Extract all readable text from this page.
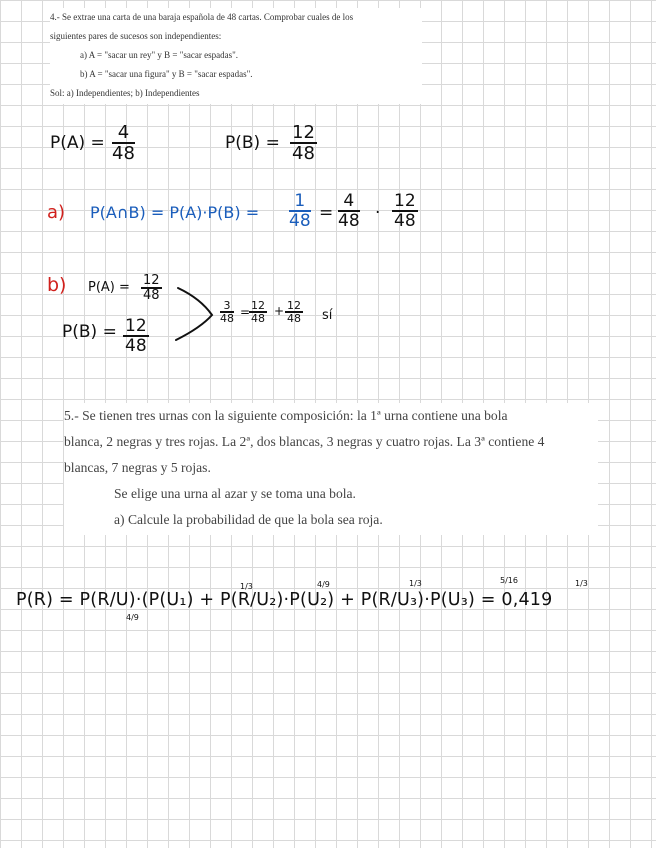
4.- Se extrae una carta de una baraja española de 48 cartas. Comprobar cuales de los
siguientes pares de sucesos son independientes:
a) A = "sacar un rey" y B = "sacar espadas".
b) A = "sacar una figura" y B = "sacar espadas".
Sol: a) Independientes; b) Independientes
$P(A) = \frac{4}{48}$	$P(B) = \frac{12}{48}$
a) P(A∩B) = $P(A)\cdot P(B) = \frac{1}{48} = \frac{4}{48} \cdot \frac{12}{48}$
b) $P(A) = \frac{12}{48}$
$P(B) = \frac{12}{48}$
$\frac{3}{48}$ =
$\frac{12}{48} + \frac{12}{48}$ sí
5.- Se tienen tres urnas con la siguiente composición: la 1ª urna contiene una bola
blanca, 2 negras y tres rojas. La 2ª, dos blancas, 3 negras y cuatro rojas. La 3ª contiene 4
blancas, 7 negras y 5 rojas.
Se elige una urna al azar y se toma una bola.
a) Calcule la probabilidad de que la bola sea roja.
P(R) = P(R/U)·(P(U₁) + P(R/U₂)·P(U₂) + P(R/U₃)·P(U₃) = 0,419
1/3
4/9
4/9	1/3	5/16	1/3
